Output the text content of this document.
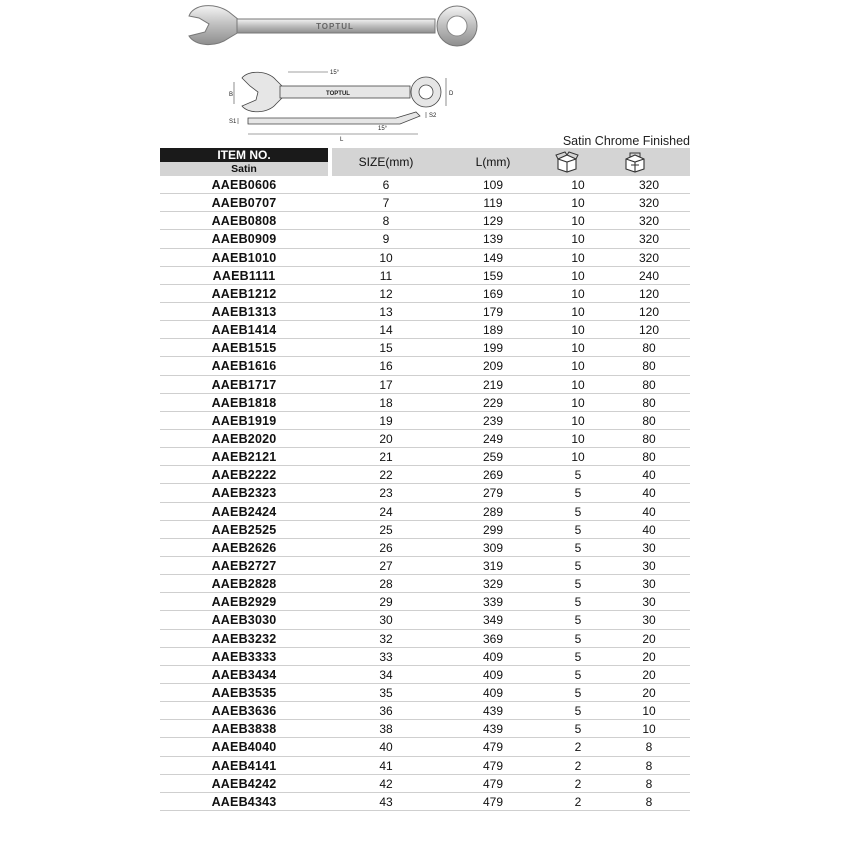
TOPTUL
15°
TOPTUL
B	D
S1
S2
15°
L	Satin Chrome Finished
ITEM NO.
Satin	SIZE(mm)	L(mm)
AAEB0606	6	109	10	320
AAEB0707	7	119	10	320
AAEB0808	8	129	10	320
AAEB0909	9	139	10	320
AAEB1010	10	149	10	320
AAEB1111	11	159	10	240
AAEB1212	12	169	10	120
AAEB1313	13	179	10	120
AAEB1414	14	189	10	120
AAEB1515	15	199	10	80
AAEB1616	16	209	10	80
AAEB1717	17	219	10	80
AAEB1818	18	229	10	80
AAEB1919	19	239	10	80
AAEB2020	20	249	10	80
AAEB2121	21	259	10	80
AAEB2222	22	269	5	40
AAEB2323	23	279	5	40
AAEB2424	24	289	5	40
AAEB2525	25	299	5	40
AAEB2626	26	309	5	30
AAEB2727	27	319	5	30
AAEB2828	28	329	5	30
AAEB2929	29	339	5	30
AAEB3030	30	349	5	30
AAEB3232	32	369	5	20
AAEB3333	33	409	5	20
AAEB3434	34	409	5	20
AAEB3535	35	409	5	20
AAEB3636	36	439	5	10
AAEB3838	38	439	5	10
AAEB4040	40	479	2	8
AAEB4141	41	479	2	8
AAEB4242	42	479	2	8
AAEB4343	43	479	2	8
